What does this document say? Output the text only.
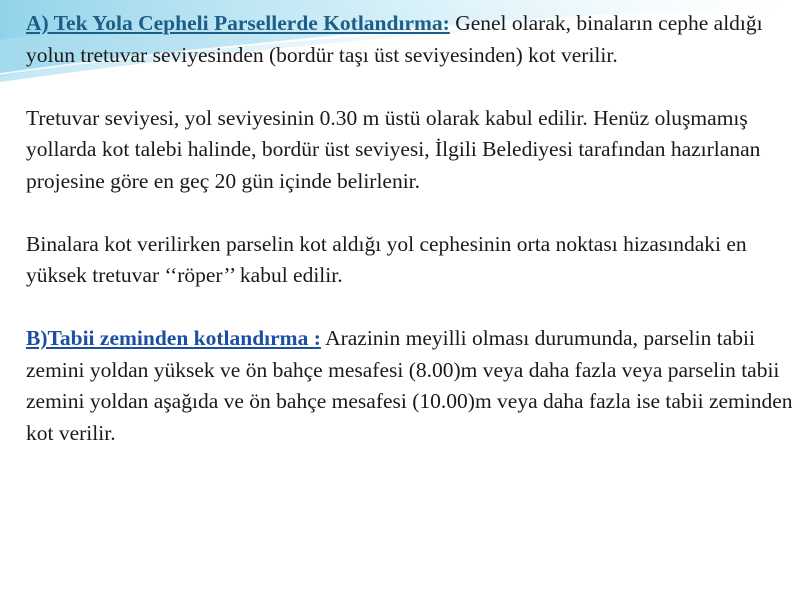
A) Tek Yola Cepheli Parsellerde Kotlandırma: Genel olarak, binaların cephe aldığı yolun tretuvar seviyesinden (bordür taşı üst seviyesinden) kot verilir.

Tretuvar seviyesi, yol seviyesinin 0.30 m üstü olarak kabul edilir. Henüz oluşmamış yollarda kot talebi halinde, bordür üst seviyesi, İlgili Belediyesi tarafından hazırlanan projesine göre en geç 20 gün içinde belirlenir.

Binalara kot verilirken parselin kot aldığı yol cephesinin orta noktası hizasındaki en yüksek tretuvar ‘‘röper’’ kabul edilir.

B)Tabii zeminden kotlandırma : Arazinin meyilli olması durumunda, parselin tabii zemini yoldan yüksek ve ön bahçe mesafesi (8.00)m veya daha fazla veya parselin tabii zemini yoldan aşağıda ve ön bahçe mesafesi (10.00)m veya daha fazla ise tabii zeminden kot verilir.
